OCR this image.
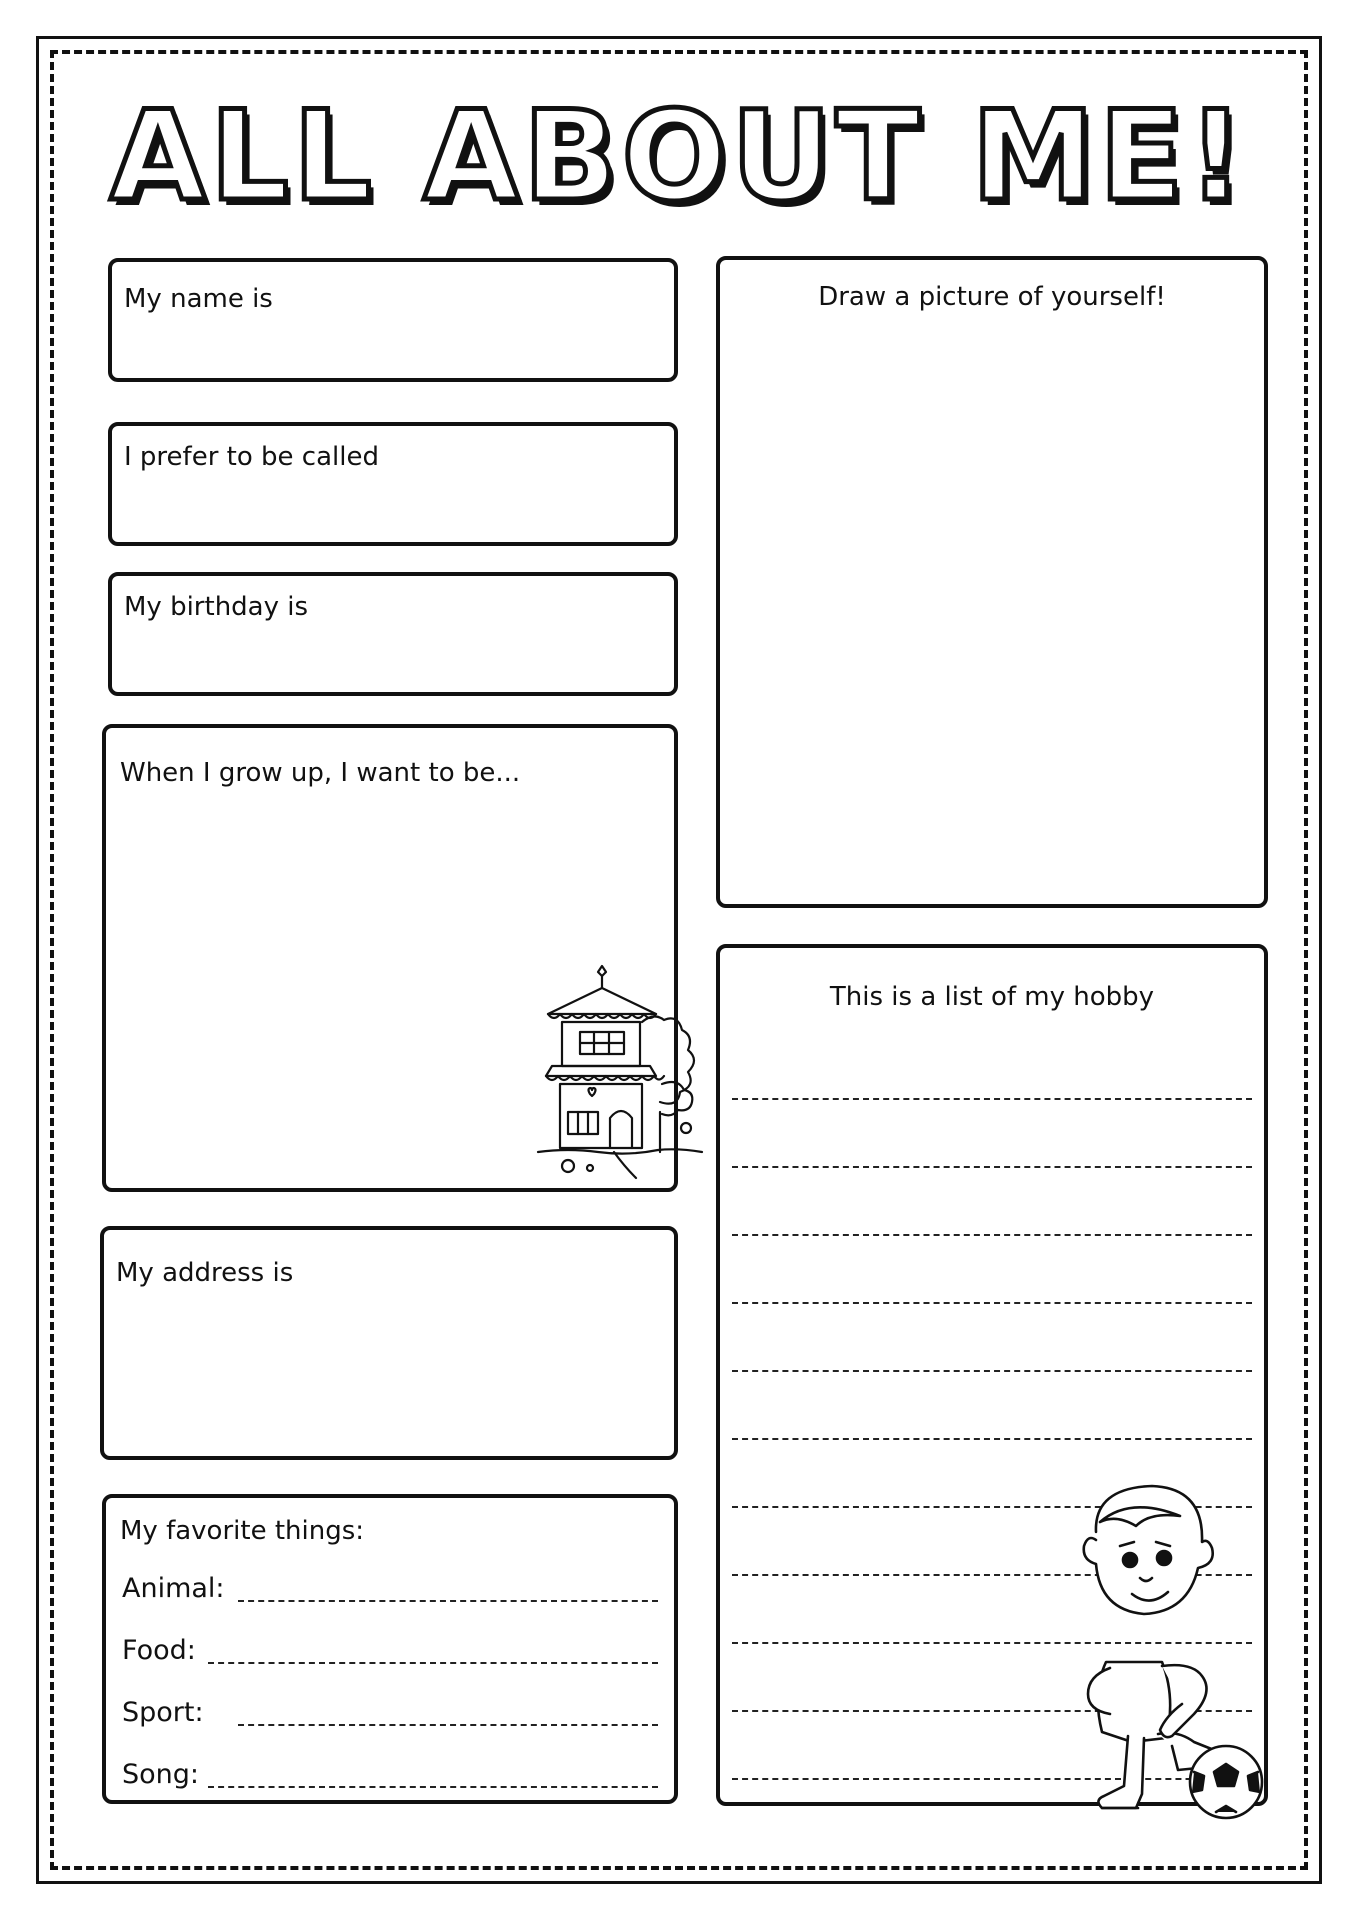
ALL ABOUT ME!
My name is
I prefer to be called
My birthday is
When I grow up, I want to be...
My address is
My favorite things:
Animal:
Food:
Sport:
Song:
Draw a picture of yourself!
This is a list of my hobby
